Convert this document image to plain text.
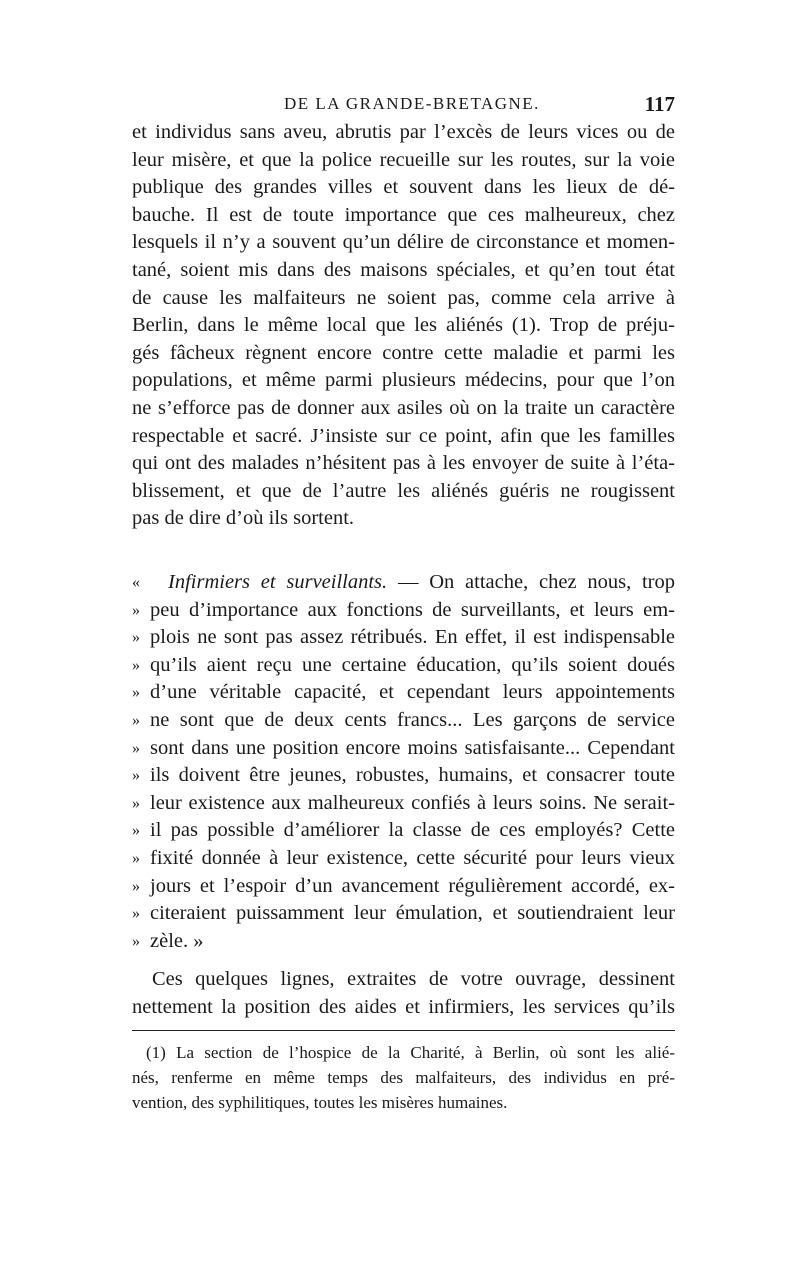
DE LA GRANDE-BRETAGNE.	117
et individus sans aveu, abrutis par l’excès de leurs vices ou de
leur misère, et que la police recueille sur les routes, sur la voie
publique des grandes villes et souvent dans les lieux de dé-
bauche. Il est de toute importance que ces malheureux, chez
lesquels il n’y a souvent qu’un délire de circonstance et momen-
tané, soient mis dans des maisons spéciales, et qu’en tout état
de cause les malfaiteurs ne soient pas, comme cela arrive à
Berlin, dans le même local que les aliénés (1). Trop de préju-
gés fâcheux règnent encore contre cette maladie et parmi les
populations, et même parmi plusieurs médecins, pour que l’on
ne s’efforce pas de donner aux asiles où on la traite un caractère
respectable et sacré. J’insiste sur ce point, afin que les familles
qui ont des malades n’hésitent pas à les envoyer de suite à l’éta-
blissement, et que de l’autre les aliénés guéris ne rougissent
pas de dire d’où ils sortent.
« Infirmiers et surveillants. — On attache, chez nous, trop
» peu d’importance aux fonctions de surveillants, et leurs em-
» plois ne sont pas assez rétribués. En effet, il est indispensable
» qu’ils aient reçu une certaine éducation, qu’ils soient doués
» d’une véritable capacité, et cependant leurs appointements
» ne sont que de deux cents francs... Les garçons de service
» sont dans une position encore moins satisfaisante... Cependant
» ils doivent être jeunes, robustes, humains, et consacrer toute
» leur existence aux malheureux confiés à leurs soins. Ne serait-
» il pas possible d’améliorer la classe de ces employés? Cette
» fixité donnée à leur existence, cette sécurité pour leurs vieux
» jours et l’espoir d’un avancement régulièrement accordé, ex-
» citeraient puissamment leur émulation, et soutiendraient leur
» zèle. »
Ces quelques lignes, extraites de votre ouvrage, dessinent
nettement la position des aides et infirmiers, les services qu’ils
(1) La section de l’hospice de la Charité, à Berlin, où sont les alié-
nés, renferme en même temps des malfaiteurs, des individus en pré-
vention, des syphilitiques, toutes les misères humaines.
